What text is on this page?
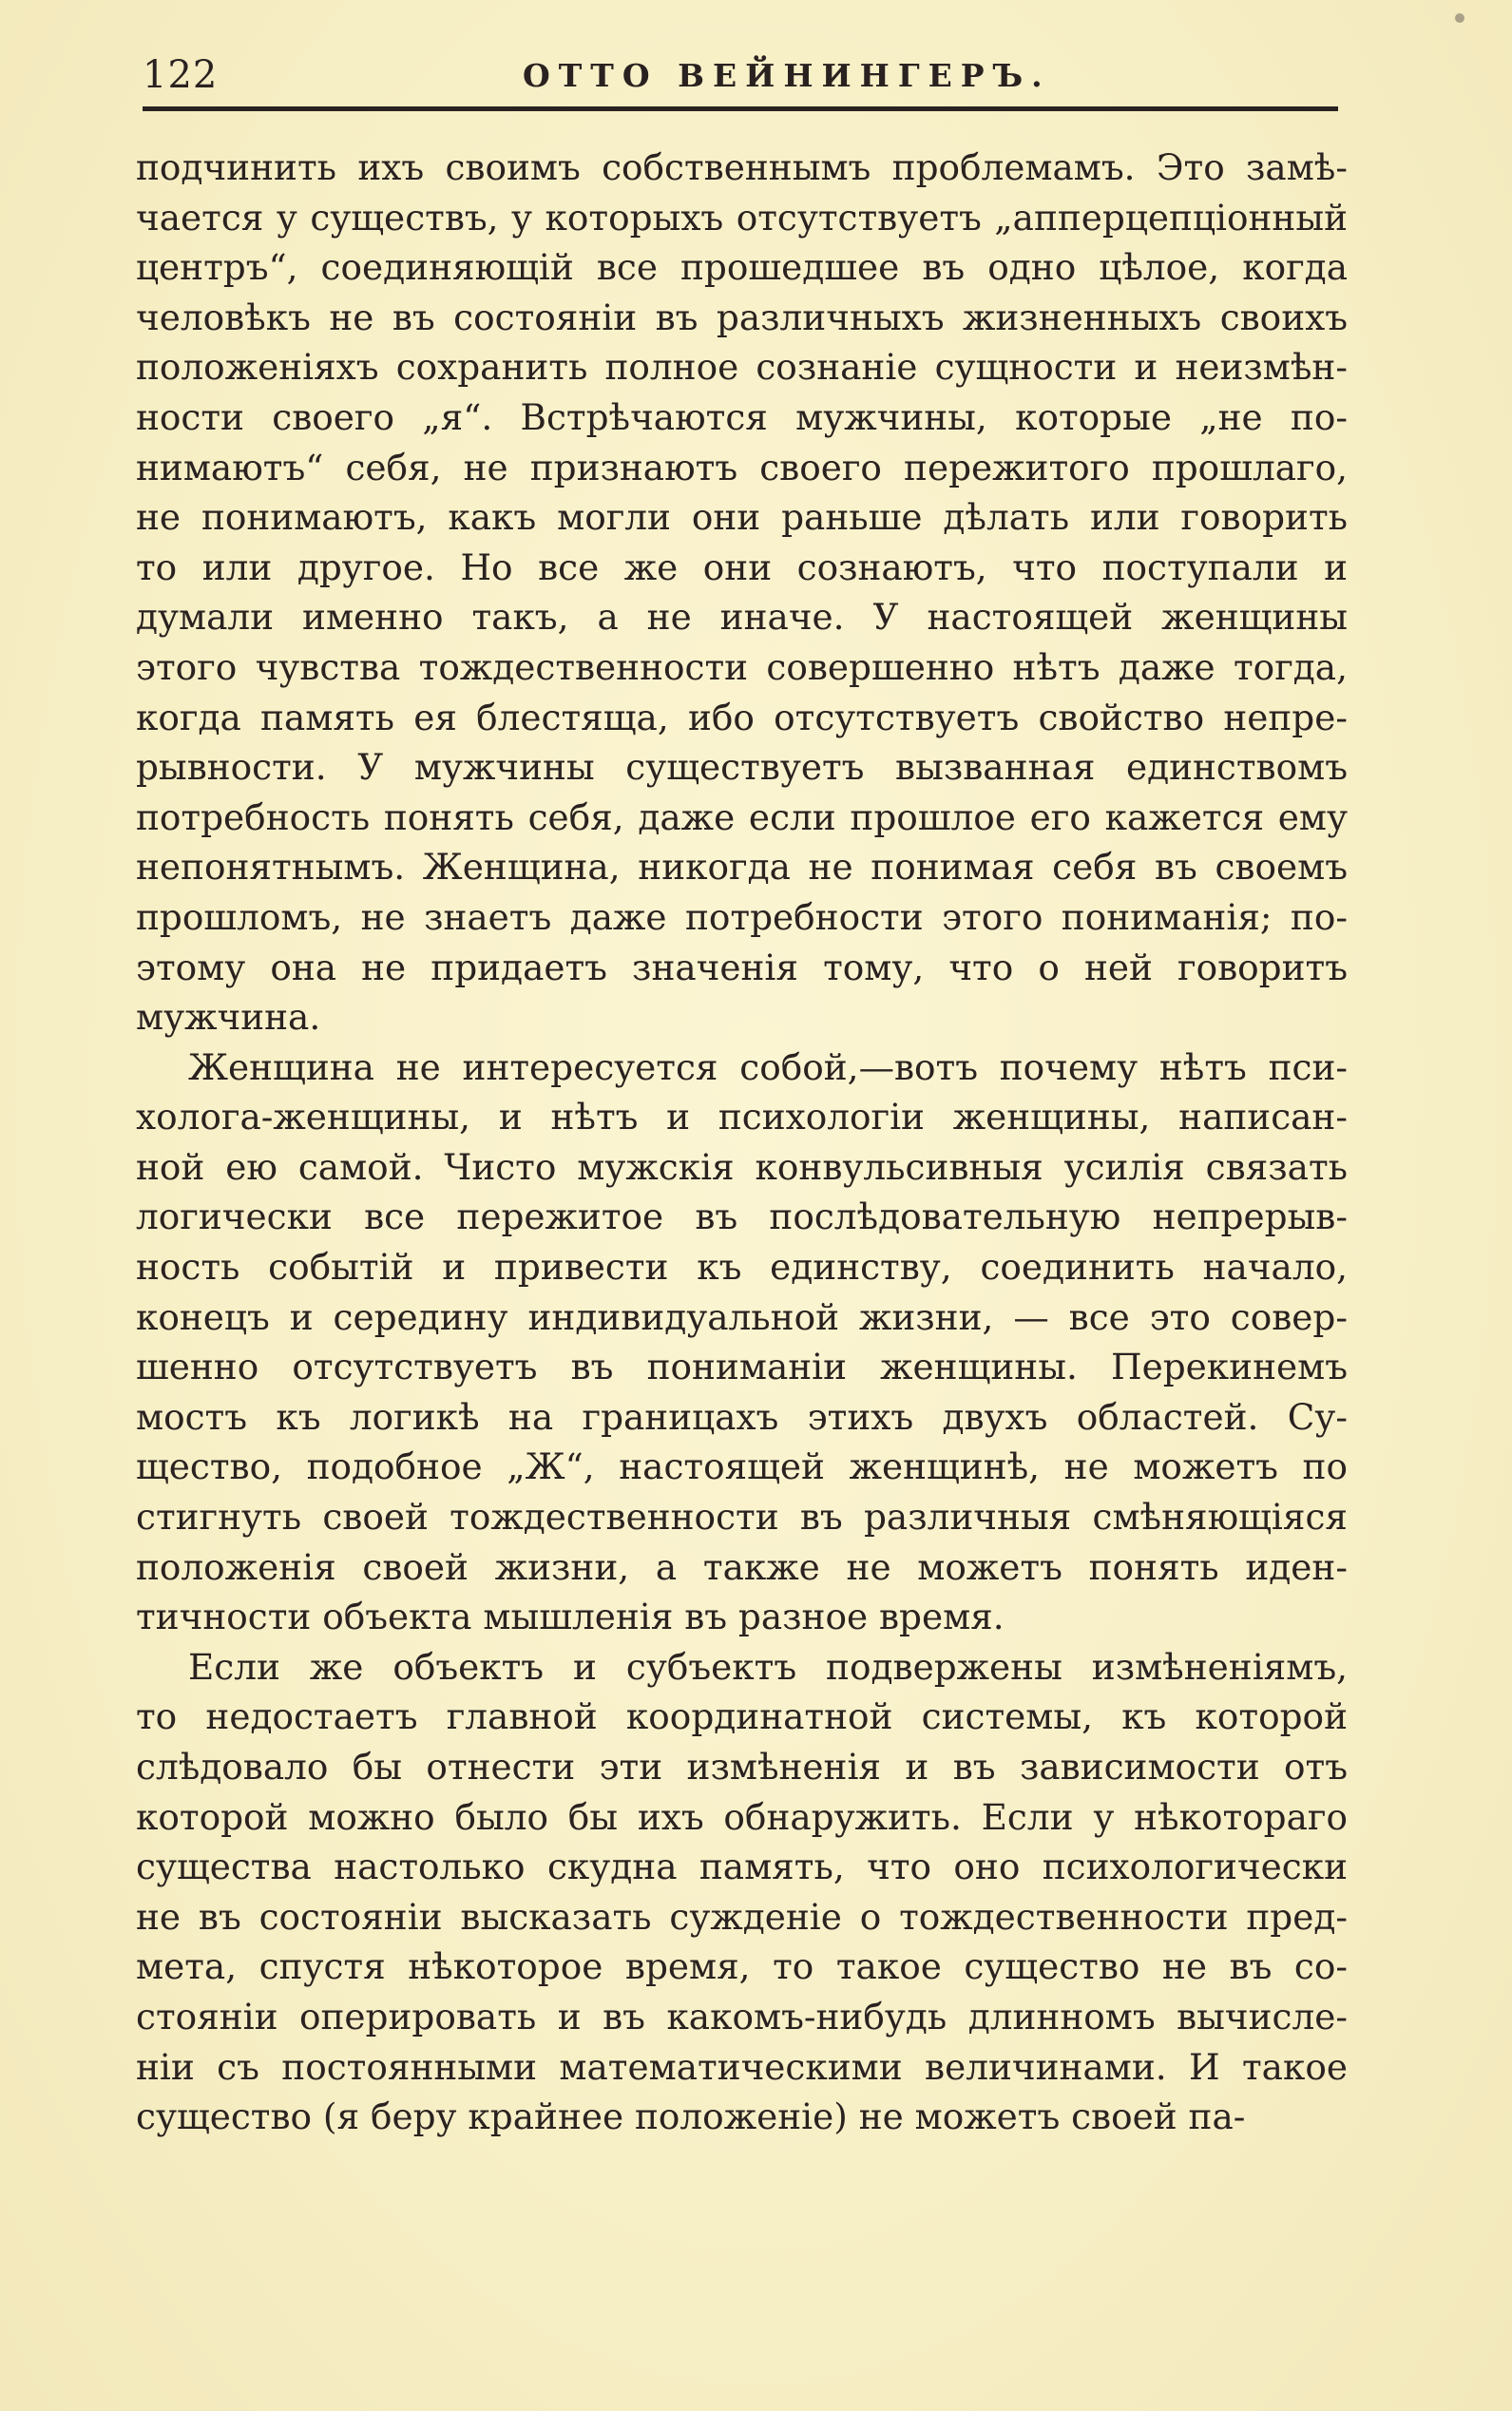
122	ОТТО ВЕЙНИНГЕРЪ.
подчинить ихъ своимъ собственнымъ проблемамъ. Это замѣ-
чается у существъ, у которыхъ отсутствуетъ „апперцепціонный
центръ“, соединяющій все прошедшее въ одно цѣлое, когда
человѣкъ не въ состояніи въ различныхъ жизненныхъ своихъ
положеніяхъ сохранить полное сознаніе сущности и неизмѣн-
ности своего „я“. Встрѣчаются мужчины, которые „не по-
нимаютъ“ себя, не признаютъ своего пережитого прошлаго,
не понимаютъ, какъ могли они раньше дѣлать или говорить
то или другое. Но все же они сознаютъ, что поступали и
думали именно такъ, а не иначе. У настоящей женщины
этого чувства тождественности совершенно нѣтъ даже тогда,
когда память ея блестяща, ибо отсутствуетъ свойство непре-
рывности. У мужчины существуетъ вызванная единствомъ
потребность понять себя, даже если прошлое его кажется ему
непонятнымъ. Женщина, никогда не понимая себя въ своемъ
прошломъ, не знаетъ даже потребности этого пониманія; по-
этому она не придаетъ значенія тому, что о ней говоритъ
мужчина.
Женщина не интересуется собой,—вотъ почему нѣтъ пси-
холога-женщины, и нѣтъ и психологіи женщины, написан-
ной ею самой. Чисто мужскія конвульсивныя усилія связать
логически все пережитое въ послѣдовательную непрерыв-
ность событій и привести къ единству, соединить начало,
конецъ и середину индивидуальной жизни, — все это совер-
шенно отсутствуетъ въ пониманіи женщины. Перекинемъ
мостъ къ логикѣ на границахъ этихъ двухъ областей. Су-
щество, подобное „Ж“, настоящей женщинѣ, не можетъ по
стигнуть своей тождественности въ различныя смѣняющіяся
положенія своей жизни, а также не можетъ понять иден-
тичности объекта мышленія въ разное время.
Если же объектъ и субъектъ подвержены измѣненіямъ,
то недостаетъ главной координатной системы, къ которой
слѣдовало бы отнести эти измѣненія и въ зависимости отъ
которой можно было бы ихъ обнаружить. Если у нѣкотораго
существа настолько скудна память, что оно психологически
не въ состояніи высказать сужденіе о тождественности пред-
мета, спустя нѣкоторое время, то такое существо не въ со-
стояніи оперировать и въ какомъ-нибудь длинномъ вычисле-
ніи съ постоянными математическими величинами. И такое
существо (я беру крайнее положеніе) не можетъ своей па-
